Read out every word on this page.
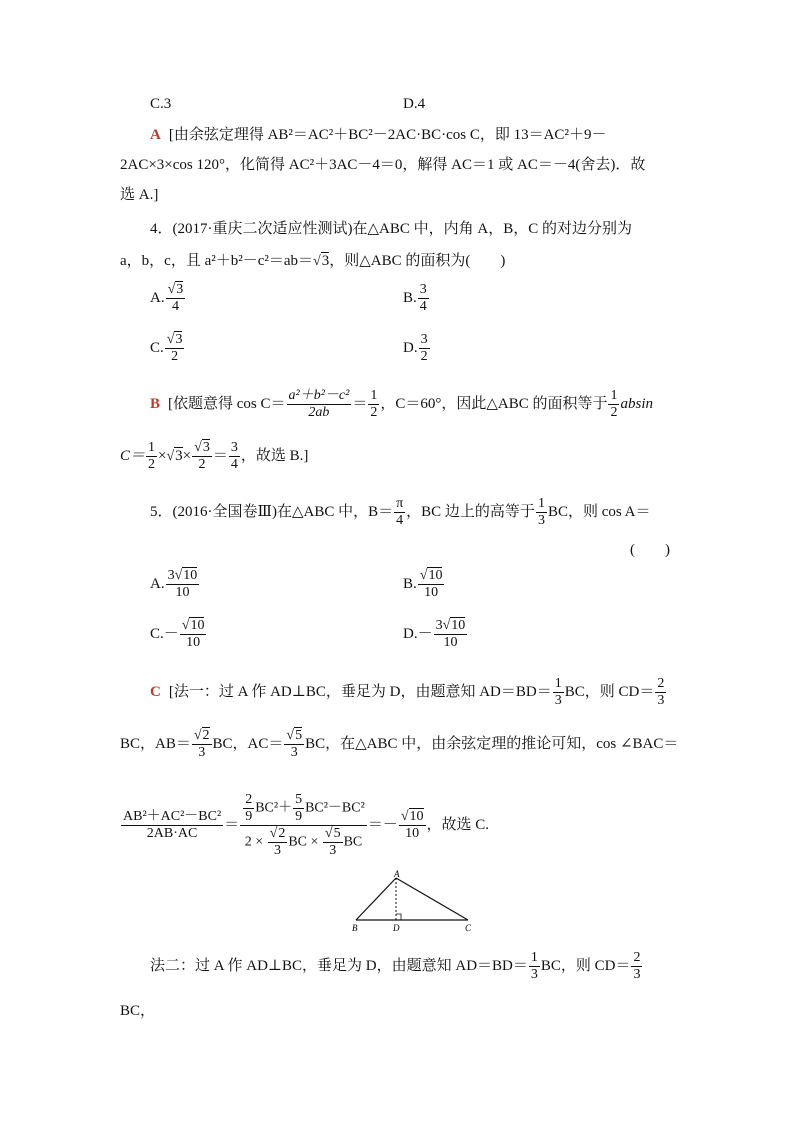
C.3	D.4
A [由余弦定理得 AB²＝AC²＋BC²－2AC·BC·cos C，即 13＝AC²＋9－
2AC×3×cos 120°，化简得 AC²＋3AC－4＝0，解得 AC＝1 或 AC＝－4(舍去)．故
选 A.]
4．(2017·重庆二次适应性测试)在△ABC 中，内角 A，B，C 的对边分别为
a，b，c，且 a²＋b²－c²＝ab＝√3，则△ABC 的面积为(　　)
A. $\frac{√3}{4}$	B. $\frac{3}{4}$
C. $\frac{√3}{2}$	D. $\frac{3}{2}$
B [依题意得 $\cos C= \frac{\text{a²＋b²－c²}}{2ab} = \frac{1}{2}$ ，C＝60°，因此△ABC 的面积等于 $\frac{1}{2}$ absin
$C= \frac{1}{2} \times√3\times \frac{√3}{2} = \frac{3}{4}$ ，故选 B.]
5．(2016·全国卷Ⅲ)在△ABC 中，$B= \frac{\pi}{4}$ ，BC 边上的高等于 $\frac{1}{3}$ BC，则 cos A＝
(　　)
A. $\frac{3√10}{10}$	B. $\frac{√10}{10}$
$C.- \frac{√10}{10}$	$D.- \frac{3√10}{10}$
C [法一：过 A 作 AD⊥BC，垂足为 D，由题意知 $AD=BD= \frac{1}{3}$ BC，则 $CD= \frac{2}{3}$
BC，$AB= \frac{√2}{3}$ BC，$AC= \frac{√5}{3}$ BC，在△ABC 中，由余弦定理的推论可知，cos ∠BAC＝
$\frac{\text{AB²＋AC²－BC²}}{2AB\cdot AC} = \frac{\frac{2}{9} BC^2+ \frac{5}{9} BC^2-BC^2}{2 \times \frac{√2}{3} BC \times \frac{√5}{3} BC} =- \frac{√10}{10}$ ，故选 C.
A
B	D	C
法二：过 A 作 AD⊥BC，垂足为 D，由题意知 $AD=BD= \frac{1}{3}$ BC，则 $CD= \frac{2}{3}$
BC，
